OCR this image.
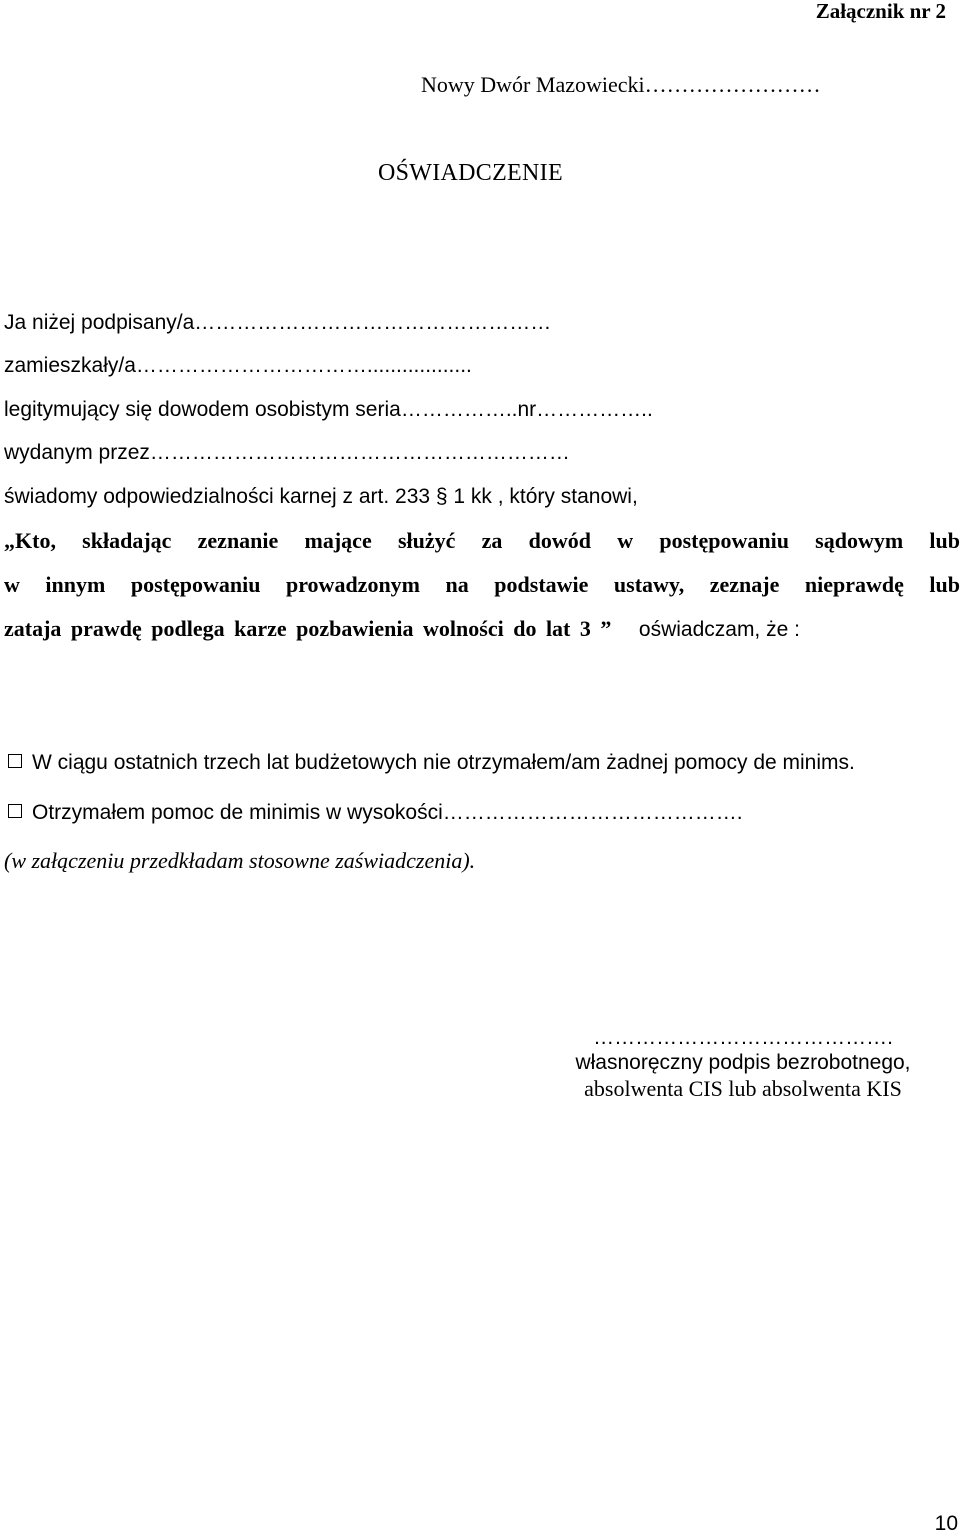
Załącznik nr 2
Nowy Dwór Mazowiecki……………………
OŚWIADCZENIE
Ja niżej podpisany/a……………………………………………
zamieszkały/a……………………………..................
legitymujący się dowodem osobistym seria……………..nr……………..
wydanym przez……………………………………………………
świadomy odpowiedzialności karnej z art. 233 § 1 kk , który stanowi,
„Kto, składając zeznanie mające służyć za dowód w postępowaniu sądowym lub
w innym postępowaniu prowadzonym na podstawie ustawy, zeznaje nieprawdę lub
zataja prawdę podlega karze pozbawienia wolności do lat 3 ” oświadczam, że :
W ciągu ostatnich trzech lat budżetowych nie otrzymałem/am żadnej pomocy de minims.
Otrzymałem pomoc de minimis w wysokości…………………………………….
(w załączeniu przedkładam stosowne zaświadczenia).
…………………………………….
własnoręczny podpis bezrobotnego,
absolwenta CIS lub absolwenta KIS
10
